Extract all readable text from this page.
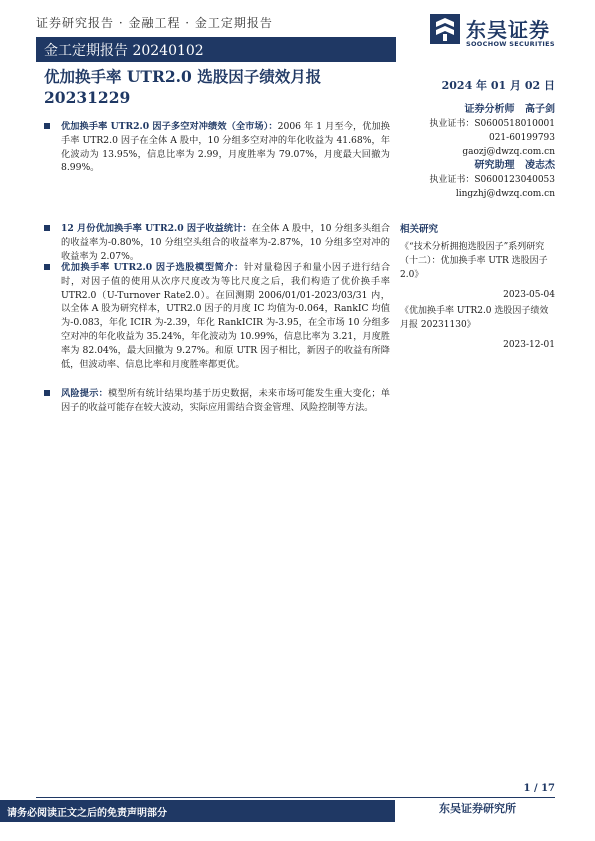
证券研究报告 · 金融工程 · 金工定期报告	东吴证券
SOOCHOW SECURITIES
金工定期报告 20240102
优加换手率 UTR2.0 选股因子绩效月报 20231229
2024 年 01 月 02 日
优加换手率 UTR2.0 因子多空对冲绩效（全市场）：2006 年 1 月至今，优加换手率 UTR2.0 因子在全体 A 股中，10 分组多空对冲的年化收益为 41.68%，年化波动为 13.95%，信息比率为 2.99，月度胜率为 79.07%，月度最大回撤为 8.99%。
12 月份优加换手率 UTR2.0 因子收益统计：在全体 A 股中，10 分组多头组合的收益率为-0.80%，10 分组空头组合的收益率为-2.87%，10 分组多空对冲的收益率为 2.07%。
优加换手率 UTR2.0 因子选股模型简介：针对量稳因子和量小因子进行结合时，对因子值的使用从次序尺度改为等比尺度之后，我们构造了优价换手率 UTR2.0（U-Turnover Rate2.0）。在回测期 2006/01/01-2023/03/31 内，以全体 A 股为研究样本，UTR2.0 因子的月度 IC 均值为-0.064，RankIC 均值为-0.083，年化 ICIR 为-2.39，年化 RankICIR 为-3.95，在全市场 10 分组多空对冲的年化收益为 35.24%，年化波动为 10.99%，信息比率为 3.21，月度胜率为 82.04%，最大回撤为 9.27%。和原 UTR 因子相比，新因子的收益有所降低，但波动率、信息比率和月度胜率都更优。
风险提示：模型所有统计结果均基于历史数据，未来市场可能发生重大变化；单因子的收益可能存在较大波动，实际应用需结合资金管理、风险控制等方法。
证券分析师 高子剑
执业证书：S0600518010001
021-60199793
gaozj@dwzq.com.cn
研究助理 凌志杰
执业证书：S0600123040053
lingzhj@dwzq.com.cn
相关研究
《“技术分析拥抱选股因子”系列研究（十二）：优加换手率 UTR 选股因子 2.0》
2023-05-04
《优加换手率 UTR2.0 选股因子绩效月报 20231130》
2023-12-01
1 / 17
请务必阅读正文之后的免责声明部分	东吴证券研究所
